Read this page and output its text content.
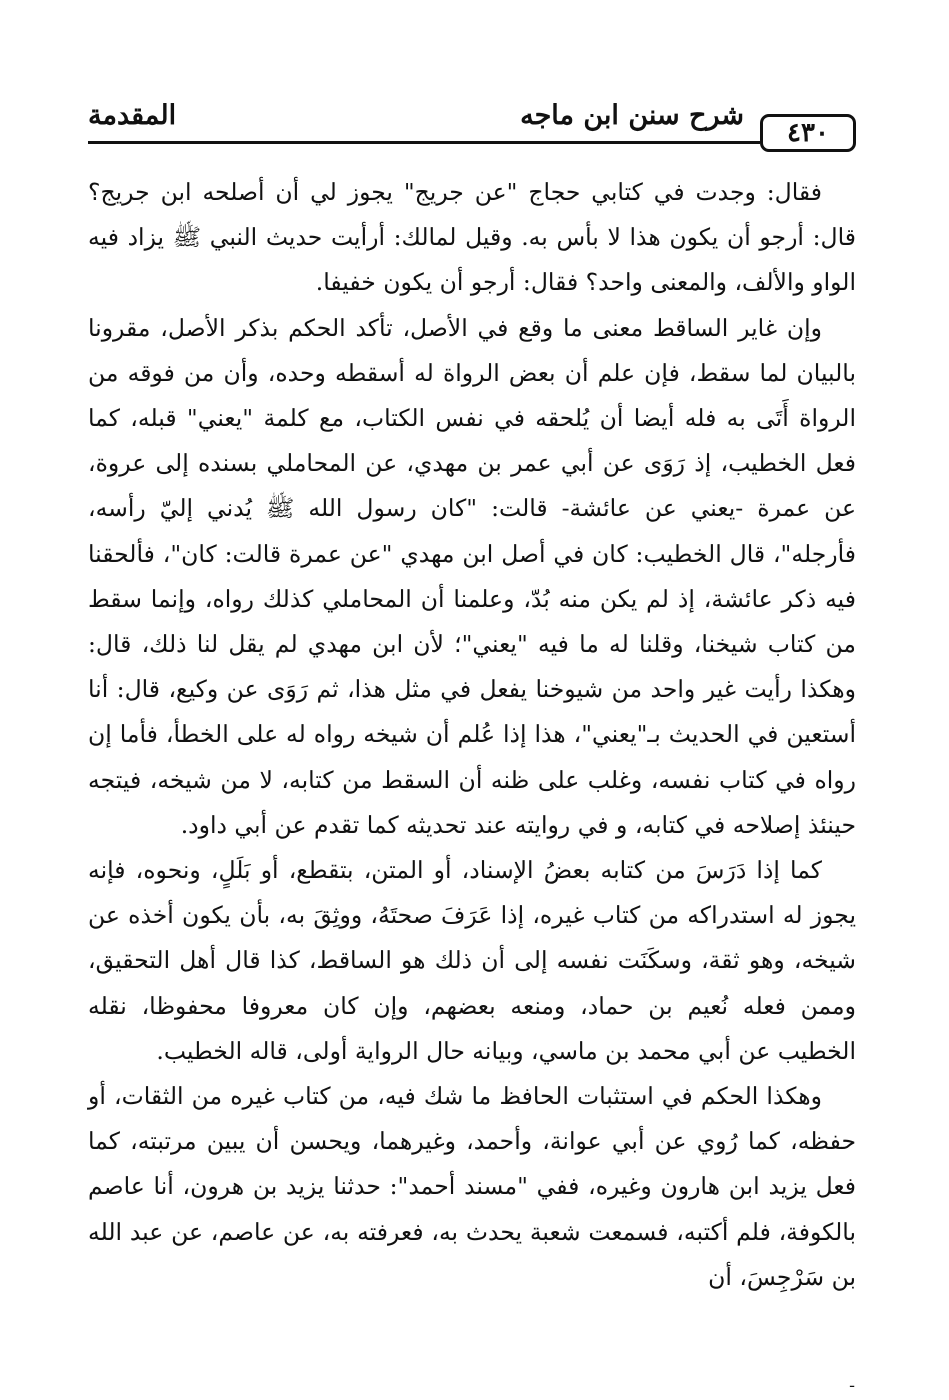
٤٣٠
شرح سنن ابن ماجه
المقدمة

فقال: وجدت في كتابي حجاج "عن جريج" يجوز لي أن أصلحه ابن جريج؟ قال: أرجو أن يكون هذا لا بأس به. وقيل لمالك: أرأيت حديث النبي ﷺ يزاد فيه الواو والألف، والمعنى واحد؟ فقال: أرجو أن يكون خفيفا.

وإن غاير الساقط معنى ما وقع في الأصل، تأكد الحكم بذكر الأصل، مقرونا بالبيان لما سقط، فإن علم أن بعض الرواة له أسقطه وحده، وأن من فوقه من الرواة أَتَى به فله أيضا أن يُلحقه في نفس الكتاب، مع كلمة "يعني" قبله، كما فعل الخطيب، إذ رَوَى عن أبي عمر بن مهدي، عن المحاملي بسنده إلى عروة، عن عمرة -يعني عن عائشة- قالت: "كان رسول الله ﷺ يُدني إليّ رأسه، فأرجله"، قال الخطيب: كان في أصل ابن مهدي "عن عمرة قالت: كان"، فألحقنا فيه ذكر عائشة، إذ لم يكن منه بُدّ، وعلمنا أن المحاملي كذلك رواه، وإنما سقط من كتاب شيخنا، وقلنا له ما فيه "يعني"؛ لأن ابن مهدي لم يقل لنا ذلك، قال: وهكذا رأيت غير واحد من شيوخنا يفعل في مثل هذا، ثم رَوَى عن وكيع، قال: أنا أستعين في الحديث بـ"يعني"، هذا إذا عُلم أن شيخه رواه له على الخطأ، فأما إن رواه في كتاب نفسه، وغلب على ظنه أن السقط من كتابه، لا من شيخه، فيتجه حينئذ إصلاحه في كتابه، و في روايته عند تحديثه كما تقدم عن أبي داود.

كما إذا دَرَسَ من كتابه بعضُ الإسناد، أو المتن، بتقطع، أو بَلَلٍ، ونحوه، فإنه يجوز له استدراكه من كتاب غيره، إذا عَرَفَ صحتَهُ، ووثِقَ به، بأن يكون أخذه عن شيخه، وهو ثقة، وسكَنَت نفسه إلى أن ذلك هو الساقط، كذا قال أهل التحقيق، وممن فعله نُعيم بن حماد، ومنعه بعضهم، وإن كان معروفا محفوظا، نقله الخطيب عن أبي محمد بن ماسي، وبيانه حال الرواية أولى، قاله الخطيب.

وهكذا الحكم في استثبات الحافظ ما شك فيه، من كتاب غيره من الثقات، أو حفظه، كما رُوي عن أبي عوانة، وأحمد، وغيرهما، ويحسن أن يبين مرتبته، كما فعل يزيد ابن هارون وغيره، ففي "مسند أحمد": حدثنا يزيد بن هرون، أنا عاصم بالكوفة، فلم أكتبه، فسمعت شعبة يحدث به، فعرفته به، عن عاصم، عن عبد الله بن سَرْجِسَ، أن

ـ
